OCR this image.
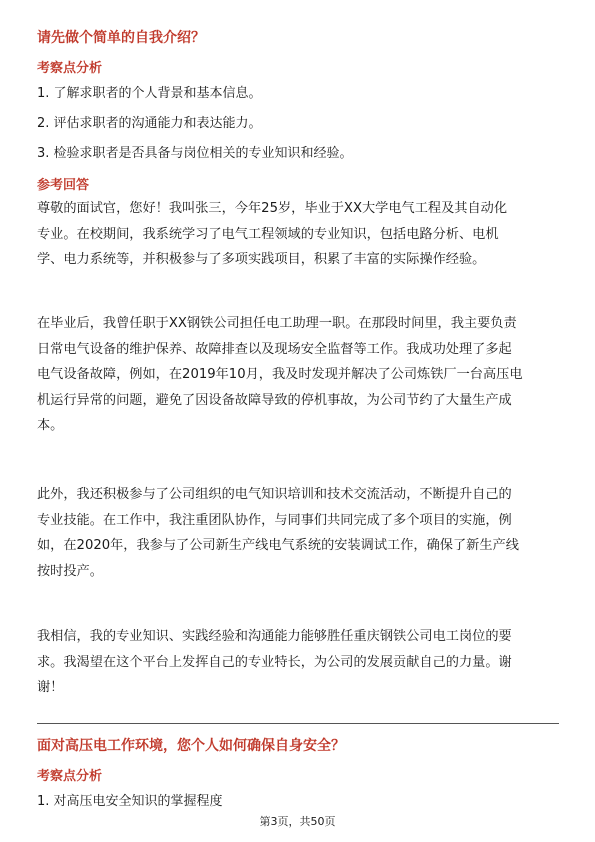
请先做个简单的自我介绍？
考察点分析
1. 了解求职者的个人背景和基本信息。
2. 评估求职者的沟通能力和表达能力。
3. 检验求职者是否具备与岗位相关的专业知识和经验。
参考回答
尊敬的面试官，您好！我叫张三，今年25岁，毕业于XX大学电气工程及其自动化
专业。在校期间，我系统学习了电气工程领域的专业知识，包括电路分析、电机
学、电力系统等，并积极参与了多项实践项目，积累了丰富的实际操作经验。
在毕业后，我曾任职于XX钢铁公司担任电工助理一职。在那段时间里，我主要负责
日常电气设备的维护保养、故障排查以及现场安全监督等工作。我成功处理了多起
电气设备故障，例如，在2019年10月，我及时发现并解决了公司炼铁厂一台高压电
机运行异常的问题，避免了因设备故障导致的停机事故，为公司节约了大量生产成
本。
此外，我还积极参与了公司组织的电气知识培训和技术交流活动，不断提升自己的
专业技能。在工作中，我注重团队协作，与同事们共同完成了多个项目的实施，例
如，在2020年，我参与了公司新生产线电气系统的安装调试工作，确保了新生产线
按时投产。
我相信，我的专业知识、实践经验和沟通能力能够胜任重庆钢铁公司电工岗位的要
求。我渴望在这个平台上发挥自己的专业特长，为公司的发展贡献自己的力量。谢
谢！
面对高压电工作环境，您个人如何确保自身安全？
考察点分析
1. 对高压电安全知识的掌握程度
第3页，共50页
